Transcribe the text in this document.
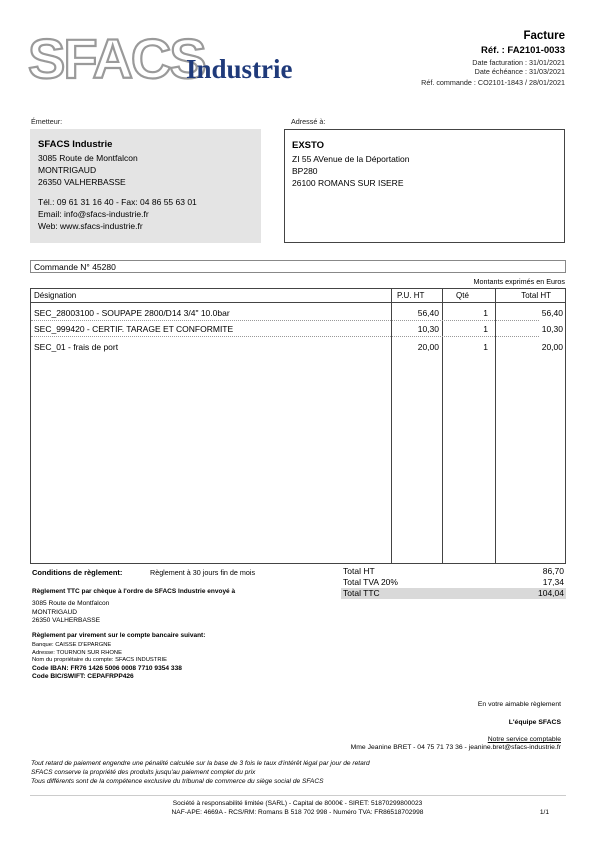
SFACS
Industrie
Facture
Réf. : FA2101-0033
Date facturation : 31/01/2021
Date échéance : 31/03/2021
Réf. commande : CO2101-1843 / 28/01/2021
Émetteur:
SFACS Industrie
3085 Route de Montfalcon
MONTRIGAUD
26350 VALHERBASSE
Tél.: 09 61 31 16 40 - Fax: 04 86 55 63 01
Email: info@sfacs-industrie.fr
Web: www.sfacs-industrie.fr
Adressé à:
EXSTO
ZI 55 AVenue de la Déportation
BP280
26100 ROMANS SUR ISERE
Commande N° 45280
Montants exprimés en Euros
Désignation	P.U. HT	Qté	Total HT
SEC_28003100 - SOUPAPE 2800/D14 3/4" 10.0bar	56,40	1	56,40
SEC_999420 - CERTIF. TARAGE ET CONFORMITE	10,30	1	10,30
SEC_01 - frais de port	20,00	1	20,00
Conditions de règlement:	Règlement à 30 jours fin de mois
Règlement TTC par chèque à l'ordre de SFACS Industrie envoyé à
3085 Route de Montfalcon
MONTRIGAUD
26350 VALHERBASSE
Règlement par virement sur le compte bancaire suivant:
Banque: CAISSE D'EPARGNE
Adresse: TOURNON SUR RHONE
Nom du propriétaire du compte: SFACS INDUSTRIE
Code IBAN: FR76 1426 5006 0008 7710 9354 338
Code BIC/SWIFT: CEPAFRPP426
Total HT	86,70
Total TVA 20%	17,34
Total TTC	104,04
En votre aimable règlement
L'équipe SFACS
Notre service comptable
Mme Jeanine BRET - 04 75 71 73 36 - jeanine.bret@sfacs-industrie.fr
Tout retard de paiement engendre une pénalité calculée sur la base de 3 fois le taux d'intérêt légal par jour de retard
SFACS conserve la propriété des produits jusqu'au paiement complet du prix
Tous différents sont de la compétence exclusive du tribunal de commerce du siège social de SFACS
Société à responsabilité limitée (SARL) - Capital de 8000€ - SIRET: 51870299800023
NAF-APE: 4669A - RCS/RM: Romans B 518 702 998 - Numéro TVA: FR86518702998	1/1
